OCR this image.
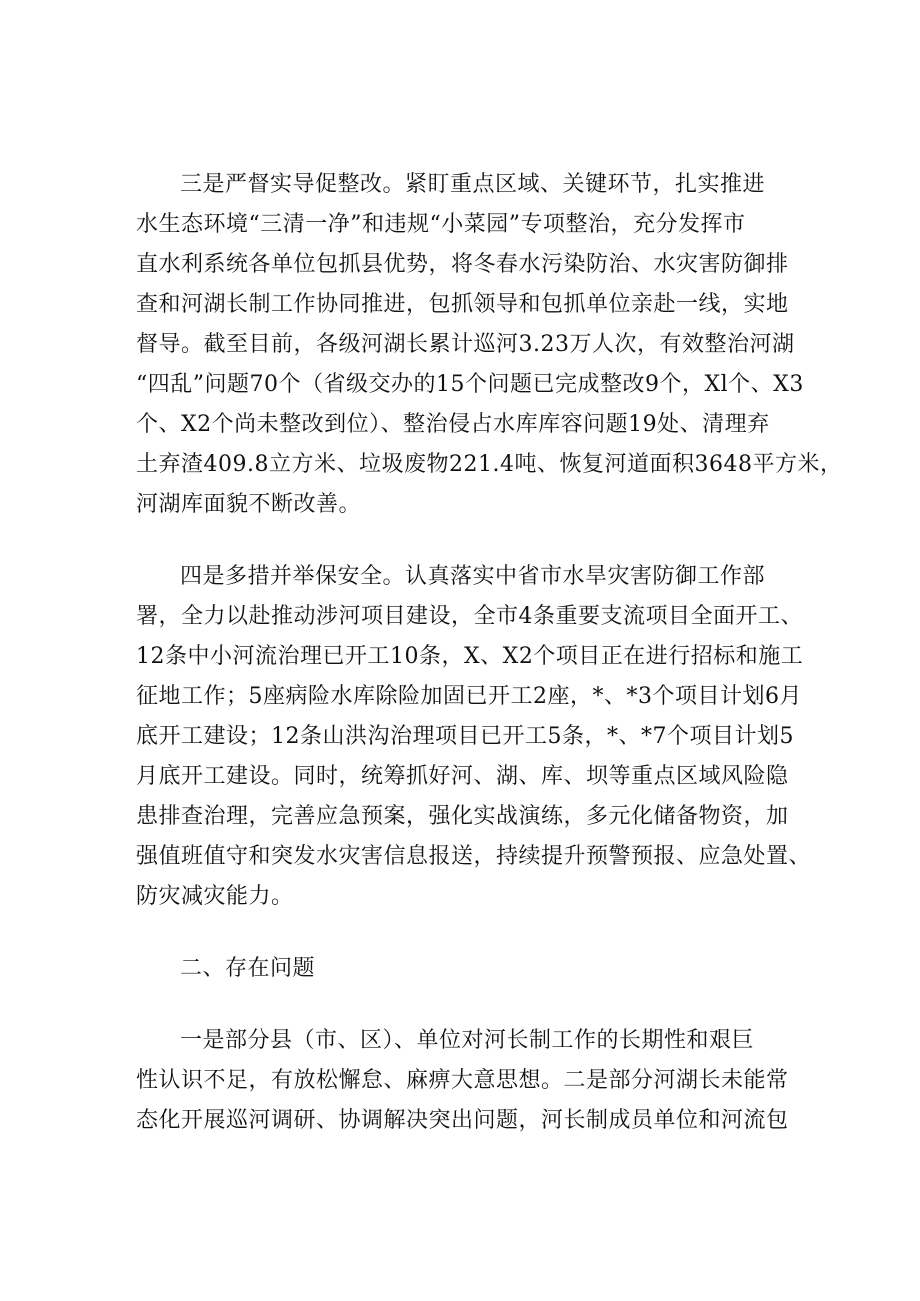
三是严督实导促整改。紧盯重点区域、关键环节，扎实推进
水生态环境“三清一净”和违规“小菜园”专项整治，充分发挥市
直水利系统各单位包抓县优势，将冬春水污染防治、水灾害防御排
查和河湖长制工作协同推进，包抓领导和包抓单位亲赴一线，实地
督导。截至目前，各级河湖长累计巡河3.23万人次，有效整治河湖
“四乱”问题70个（省级交办的15个问题已完成整改9个，Xl个、X3
个、X2个尚未整改到位）、整治侵占水库库容问题19处、清理弃
土弃渣409.8立方米、垃圾废物221.4吨、恢复河道面积3648平方米，
河湖库面貌不断改善。
四是多措并举保安全。认真落实中省市水旱灾害防御工作部
署，全力以赴推动涉河项目建设，全市4条重要支流项目全面开工、
12条中小河流治理已开工10条，X、X2个项目正在进行招标和施工
征地工作；5座病险水库除险加固已开工2座，*、*3个项目计划6月
底开工建设；12条山洪沟治理项目已开工5条，*、*7个项目计划5
月底开工建设。同时，统筹抓好河、湖、库、坝等重点区域风险隐
患排查治理，完善应急预案，强化实战演练，多元化储备物资，加
强值班值守和突发水灾害信息报送，持续提升预警预报、应急处置、
防灾减灾能力。
二、存在问题
一是部分县（市、区）、单位对河长制工作的长期性和艰巨
性认识不足，有放松懈怠、麻痹大意思想。二是部分河湖长未能常
态化开展巡河调研、协调解决突出问题，河长制成员单位和河流包
